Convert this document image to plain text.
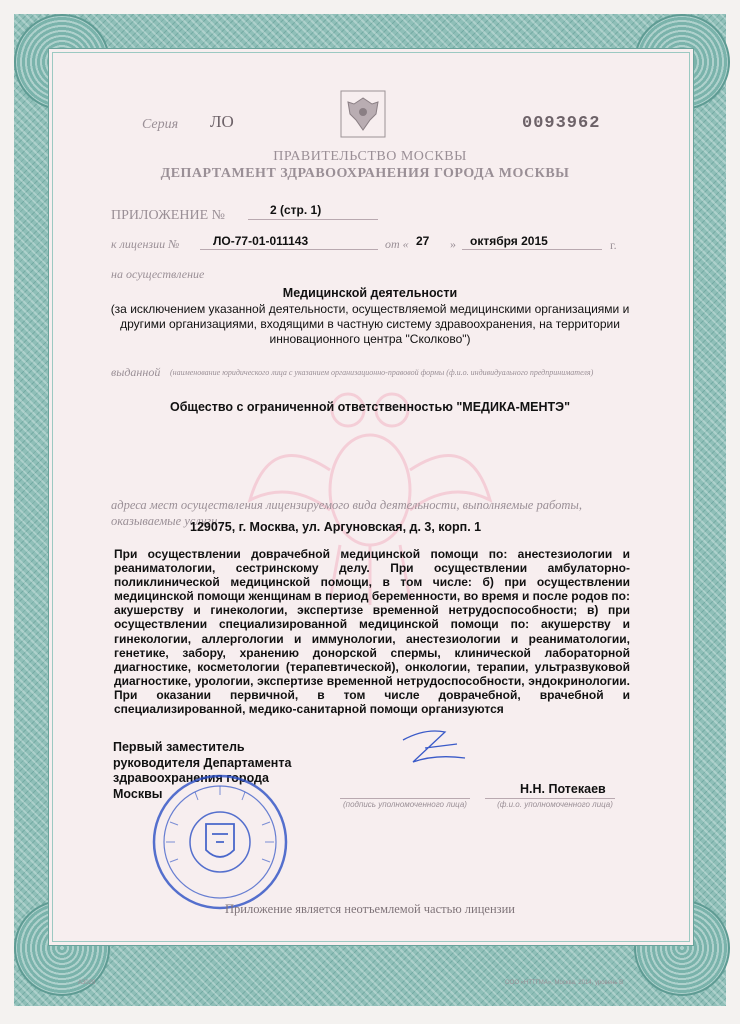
Серия ЛО	0093962
ПРАВИТЕЛЬСТВО МОСКВЫ
ДЕПАРТАМЕНТ ЗДРАВООХРАНЕНИЯ ГОРОДА МОСКВЫ
ПРИЛОЖЕНИЕ №	2 (стр. 1)
к лицензии №	ЛО-77-01-011143	от « 27 » октября 2015	г.
на осуществление
Медицинской деятельности
(за исключением указанной деятельности, осуществляемой медицинскими организациями и другими организациями, входящими в частную систему здравоохранения, на территории инновационного центра "Сколково")
выданной (наименование юридического лица с указанием организационно-правовой формы (ф.и.о. индивидуального предпринимателя)
Общество с ограниченной ответственностью "МЕДИКА-МЕНТЭ"
адреса мест осуществления лицензируемого вида деятельности, выполняемые работы, оказываемые услуги
129075, г. Москва, ул. Аргуновская, д. 3, корп. 1
При осуществлении доврачебной медицинской помощи по: анестезиологии и реаниматологии, сестринскому делу. При осуществлении амбулаторно-поликлинической медицинской помощи, в том числе: б) при осуществлении медицинской помощи женщинам в период беременности, во время и после родов по: акушерству и гинекологии, экспертизе временной нетрудоспособности; в) при осуществлении специализированной медицинской помощи по: акушерству и гинекологии, аллергологии и иммунологии, анестезиологии и реаниматологии, генетике, забору, хранению донорской спермы, клинической лабораторной диагностике, косметологии (терапевтической), онкологии, терапии, ультразвуковой диагностике, урологии, экспертизе временной нетрудоспособности, эндокринологии. При оказании первичной, в том числе доврачебной, врачебной и специализированной, медико-санитарной помощи организуются
Первый заместитель
руководителя Департамента
здравоохранения города
Москвы
(подпись уполномоченного лица)
Н.Н. Потекаев
(ф.и.о. уполномоченного лица)
Приложение является неотъемлемой частью лицензии
А3028	ООО «НТТГМА», Москва, 2014, уровень В
